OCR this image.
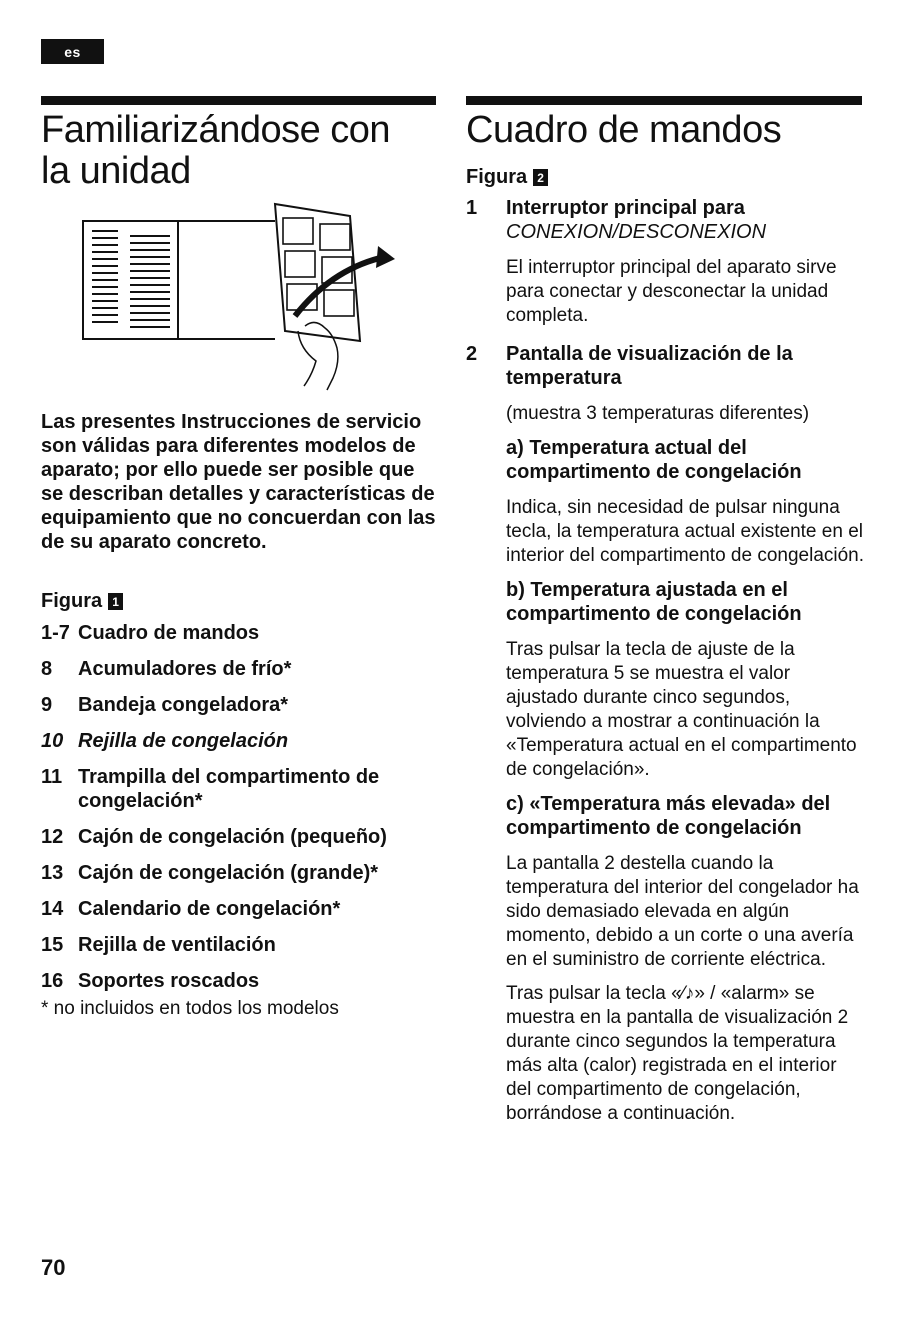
es
Familiarizándose con la unidad
Las presentes Instrucciones de servicio son válidas para diferentes modelos de aparato; por ello puede ser posible que se describan detalles y características de equipamiento que no concuerdan con las de su aparato concreto.
Figura 1
1-7 Cuadro de mandos
8	Acumuladores de frío*
9	Bandeja congeladora*
10 Rejilla de congelación
11 Trampilla del compartimento de congelación*
12 Cajón de congelación (pequeño)
13 Cajón de congelación (grande)*
14 Calendario de congelación*
15 Rejilla de ventilación
16 Soportes roscados
* no incluidos en todos los modelos
Cuadro de mandos
Figura 2
1	Interruptor principal para
CONEXION/DESCONEXION
El interruptor principal del aparato sirve para conectar y desconectar la unidad completa.
2	Pantalla de visualización de la temperatura
(muestra 3 temperaturas diferentes)
a) Temperatura actual del compartimento de congelación
Indica, sin necesidad de pulsar ninguna tecla, la temperatura actual existente en el interior del compartimento de congelación.
b) Temperatura ajustada en el compartimento de congelación
Tras pulsar la tecla de ajuste de la temperatura 5 se muestra el valor ajustado durante cinco segundos, volviendo a mostrar a continuación la «Temperatura actual en el compartimento de congelación».
c) «Temperatura más elevada» del compartimento de congelación
La pantalla 2 destella cuando la temperatura del interior del congelador ha sido demasiado elevada en algún momento, debido a un corte o una avería en el suministro de corriente eléctrica.
Tras pulsar la tecla «⁄♪» / «alarm» se muestra en la pantalla de visualización 2 durante cinco segundos la temperatura más alta (calor) registrada en el interior del compartimento de congelación, borrándose a continuación.
70
